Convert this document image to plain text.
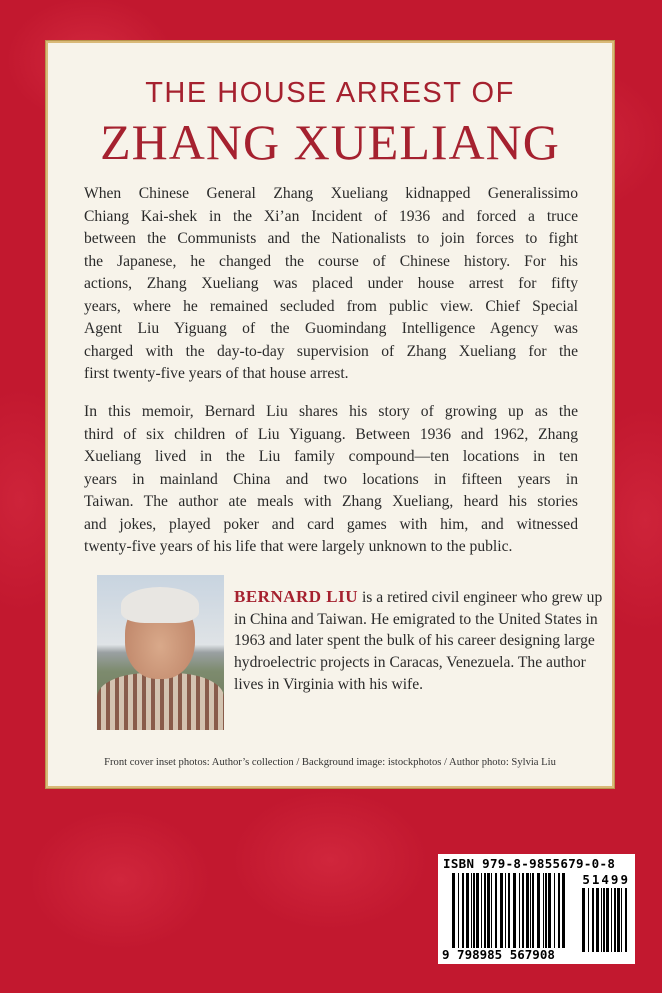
THE HOUSE ARREST OF
ZHANG XUELIANG
When Chinese General Zhang Xueliang kidnapped Generalissimo
Chiang Kai-shek in the Xi’an Incident of 1936 and forced a truce
between the Communists and the Nationalists to join forces to fight
the Japanese, he changed the course of Chinese history. For his
actions, Zhang Xueliang was placed under house arrest for fifty
years, where he remained secluded from public view. Chief Special
Agent Liu Yiguang of the Guomindang Intelligence Agency was
charged with the day-to-day supervision of Zhang Xueliang for the
first twenty-five years of that house arrest.
In this memoir, Bernard Liu shares his story of growing up as the
third of six children of Liu Yiguang. Between 1936 and 1962, Zhang
Xueliang lived in the Liu family compound—ten locations in ten
years in mainland China and two locations in fifteen years in
Taiwan. The author ate meals with Zhang Xueliang, heard his stories
and jokes, played poker and card games with him, and witnessed
twenty-five years of his life that were largely unknown to the public.
BERNARD LIU is a retired civil engineer who grew up in China and Taiwan. He emigrated to the United States in 1963 and later spent the bulk of his career designing large hydroelectric projects in Caracas, Venezuela. The author lives in Virginia with his wife.
Front cover inset photos: Author’s collection / Background image: istockphotos / Author photo: Sylvia Liu
ISBN 979-8-9855679-0-8
51499
9 798985 567908
